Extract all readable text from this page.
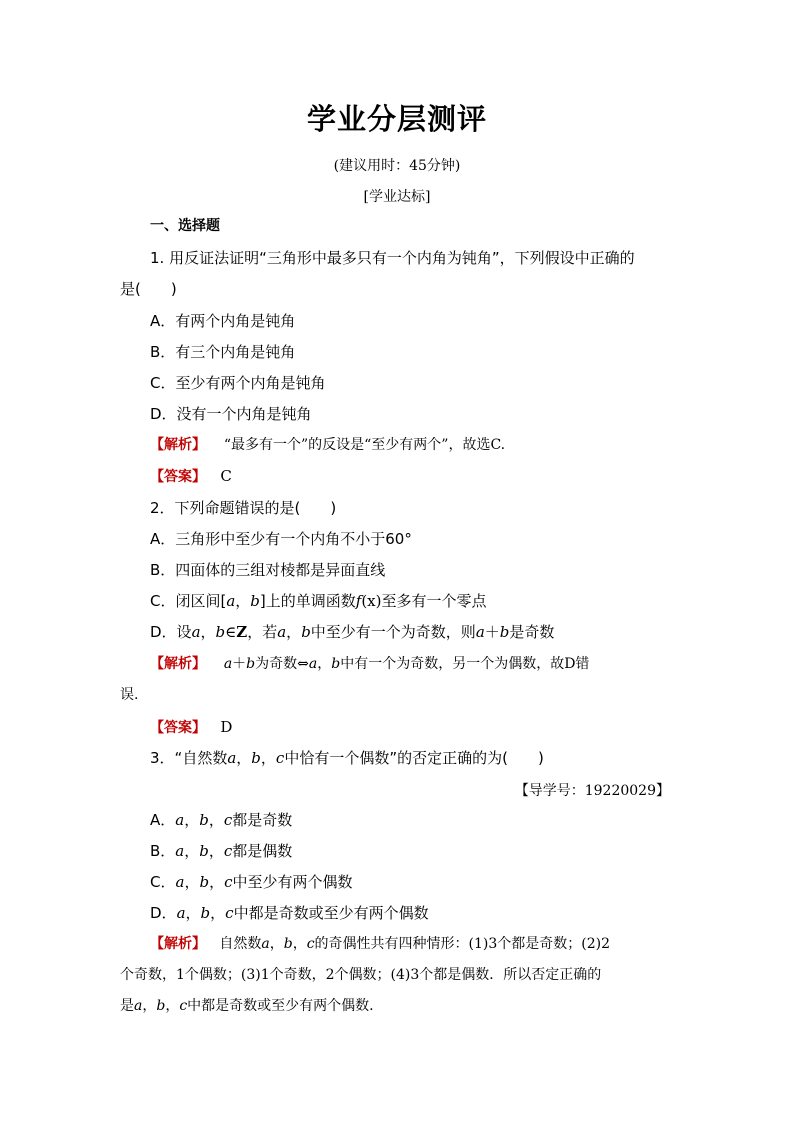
学业分层测评
(建议用时：45分钟)
[学业达标]
一、选择题
1. 用反证法证明“三角形中最多只有一个内角为钝角”，下列假设中正确的
是(　　)
A．有两个内角是钝角
B．有三个内角是钝角
C．至少有两个内角是钝角
D．没有一个内角是钝角
【解析】 “最多有一个”的反设是“至少有两个”，故选C.
【答案】 C
2．下列命题错误的是(　　)
A．三角形中至少有一个内角不小于60°
B．四面体的三组对棱都是异面直线
C．闭区间[a，b]上的单调函数f(x)至多有一个零点
D．设a，b∈Z，若a，b中至少有一个为奇数，则a＋b是奇数
【解析】 a＋b为奇数⇔a，b中有一个为奇数，另一个为偶数，故D错
误.
【答案】 D
3．“自然数a，b，c中恰有一个偶数”的否定正确的为(　　)
【导学号：19220029】
A．a，b，c都是奇数
B．a，b，c都是偶数
C．a，b，c中至少有两个偶数
D．a，b，c中都是奇数或至少有两个偶数
【解析】 自然数a，b，c的奇偶性共有四种情形：(1)3个都是奇数；(2)2
个奇数，1个偶数；(3)1个奇数，2个偶数；(4)3个都是偶数．所以否定正确的
是a，b，c中都是奇数或至少有两个偶数.
